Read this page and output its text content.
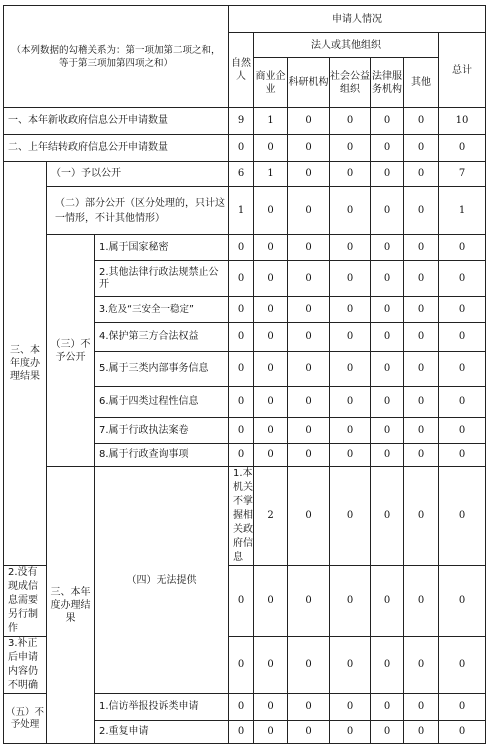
（本列数据的勾稽关系为：第一项加第二项之和，等于第三项加第四项之和）			申请人情况							
			自然人	法人或其他组织					总计	
				商业企业	科研机构	社会公益组织	法律服务机构	其他		
一、本年新收政府信息公开申请数量			9	1	0	0	0	0	10	
二、上年结转政府信息公开申请数量			0	0	0	0	0	0	0	
三、本年度办理结果	（一）予以公开		6	1	0	0	0	0	7	
	（二）部分公开（区分处理的，只计这一情形，不计其他情形）		1	0	0	0	0	0	1	
	（三）不予公开	1.属于国家秘密	0	0	0	0	0	0	0	
		2.其他法律行政法规禁止公开	0	0	0	0	0	0	0	
		3.危及“三安全一稳定”	0	0	0	0	0	0	0	
		4.保护第三方合法权益	0	0	0	0	0	0	0	
		5.属于三类内部事务信息	0	0	0	0	0	0	0	
		6.属于四类过程性信息	0	0	0	0	0	0	0	
		7.属于行政执法案卷	0	0	0	0	0	0	0	
		8.属于行政查询事项	0	0	0	0	0	0	0	
	三、本年度办理结果	（四）无法提供	1.本机关不掌握相关政府信息	2	0	0	0	0	0	
2.没有现成信息需要另行制作			0	0	0	0	0	0	0	
3.补正后申请内容仍不明确			0	0	0	0	0	0	0	
（五）不予处理		1.信访举报投诉类申请	0	0	0	0	0	0	0	
		2.重复申请	0	0	0	0	0	0	0	
